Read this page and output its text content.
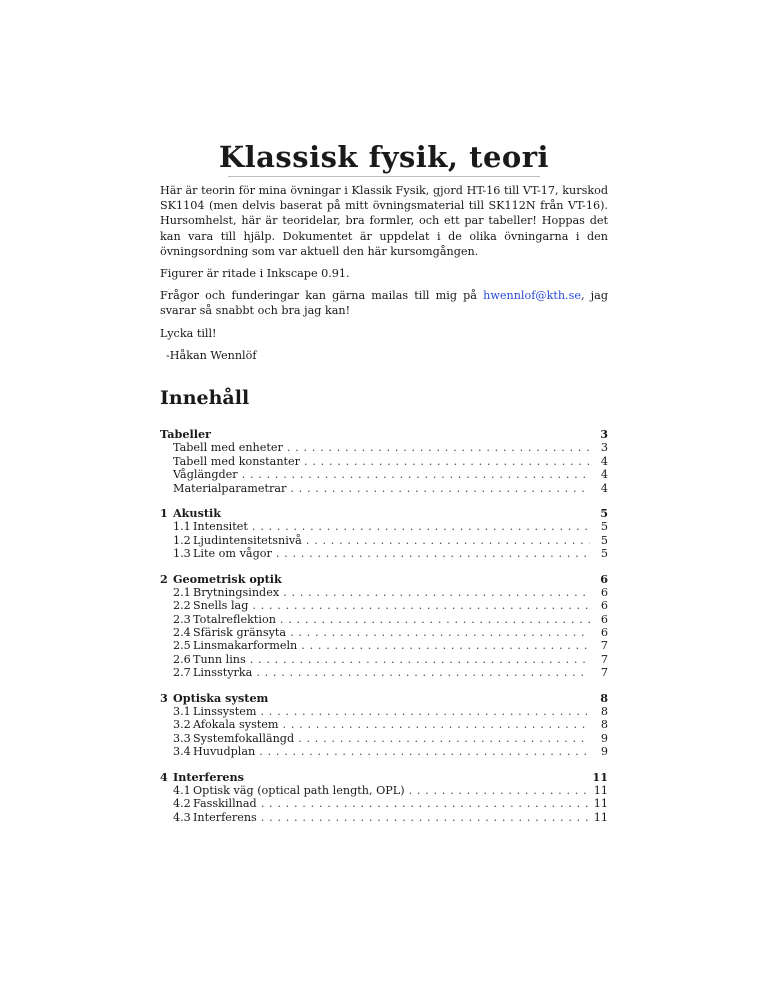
Klassisk fysik, teori

Här är teorin för mina övningar i Klassik Fysik, gjord HT-16 till VT-17, kurskod SK1104 (men delvis baserat på mitt övningsmaterial till SK112N från VT-16). Hursomhelst, här är teoridelar, bra formler, och ett par tabeller! Hoppas det kan vara till hjälp. Dokumentet är uppdelat i de olika övningarna i den övningsordning som var aktuell den här kursomgången.

Figurer är ritade i Inkscape 0.91.

Frågor och funderingar kan gärna mailas till mig på hwennlof@kth.se, jag svarar så snabbt och bra jag kan!

Lycka till!

-Håkan Wennlöf

Innehåll
Tabeller	3
Tabell med enheter . . .	3
Tabell med konstanter . . .	4
Våglängder . . .	4
Materialparametrar . . .	4
1 Akustik	5
1.1 Intensitet . . .	5
1.2 Ljudintensitetsnivå . . .	5
1.3 Lite om vågor . . .	5
2 Geometrisk optik	6
2.1 Brytningsindex . . .	6
2.2 Snells lag . . .	6
2.3 Totalreflektion . . .	6
2.4 Sfärisk gränsyta . . .	6
2.5 Linsmakarformeln . . .	7
2.6 Tunn lins . . .	7
2.7 Linsstyrka . . .	7
3 Optiska system	8
3.1 Linssystem . . .	8
3.2 Afokala system . . .	8
3.3 Systemfokallängd . . .	9
3.4 Huvudplan . . .	9
4 Interferens	11
4.1 Optisk väg (optical path length, OPL) . . .	11
4.2 Fasskillnad . . .	11
4.3 Interferens . . .	11
